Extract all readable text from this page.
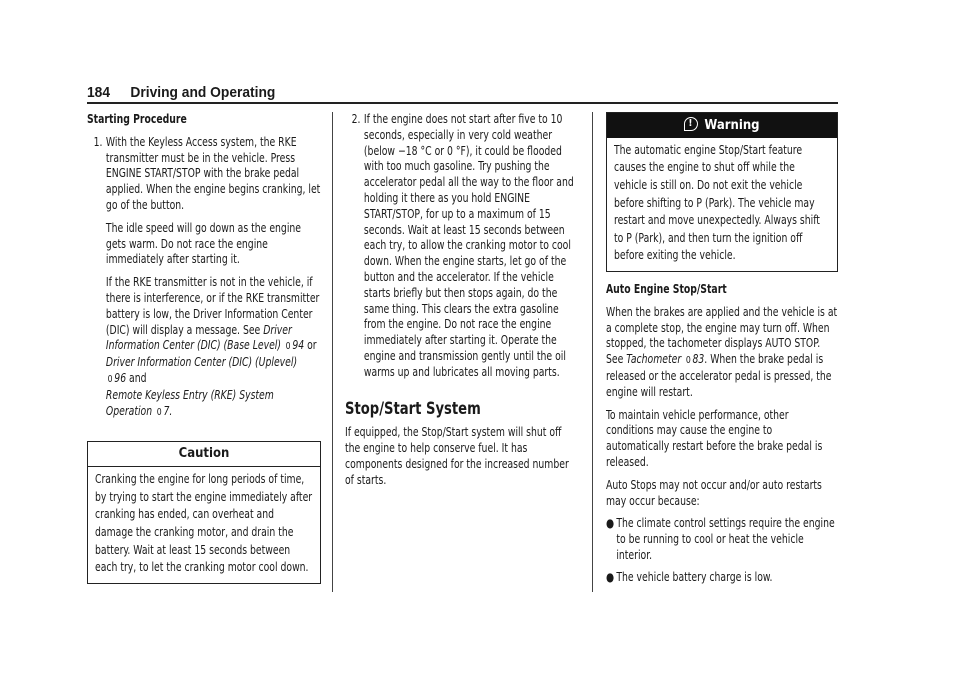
184 Driving and Operating

Starting Procedure

1. With the Keyless Access system, the RKE transmitter must be in the vehicle. Press ENGINE START/STOP with the brake pedal applied. When the engine begins cranking, let go of the button.

The idle speed will go down as the engine gets warm. Do not race the engine immediately after starting it.

If the RKE transmitter is not in the vehicle, if there is interference, or if the RKE transmitter battery is low, the Driver Information Center (DIC) will display a message. See Driver Information Center (DIC) (Base Level) 0 94 or
Driver Information Center (DIC) (Uplevel)
0 96 and
Remote Keyless Entry (RKE) System Operation 0 7.

Caution
Cranking the engine for long periods of time, by trying to start the engine immediately after cranking has ended, can overheat and damage the cranking motor, and drain the battery. Wait at least 15 seconds between each try, to let the cranking motor cool down.
2. If the engine does not start after five to 10 seconds, especially in very cold weather (below −18 °C or 0 °F), it could be flooded with too much gasoline. Try pushing the accelerator pedal all the way to the floor and holding it there as you hold ENGINE START/STOP, for up to a maximum of 15 seconds. Wait at least 15 seconds between each try, to allow the cranking motor to cool down. When the engine starts, let go of the button and the accelerator. If the vehicle starts briefly but then stops again, do the same thing. This clears the extra gasoline from the engine. Do not race the engine immediately after starting it. Operate the engine and transmission gently until the oil warms up and lubricates all moving parts.

Stop/Start System

If equipped, the Stop/Start system will shut off the engine to help conserve fuel. It has components designed for the increased number of starts.

!Warning
The automatic engine Stop/Start feature causes the engine to shut off while the vehicle is still on. Do not exit the vehicle before shifting to P (Park). The vehicle may restart and move unexpectedly. Always shift to P (Park), and then turn the ignition off before exiting the vehicle.

Auto Engine Stop/Start

When the brakes are applied and the vehicle is at a complete stop, the engine may turn off. When stopped, the tachometer displays AUTO STOP. See Tachometer 0 83. When the brake pedal is released or the accelerator pedal is pressed, the engine will restart.

To maintain vehicle performance, other conditions may cause the engine to automatically restart before the brake pedal is released.

Auto Stops may not occur and/or auto restarts may occur because:

● The climate control settings require the engine to be running to cool or heat the vehicle interior.
● The vehicle battery charge is low.
